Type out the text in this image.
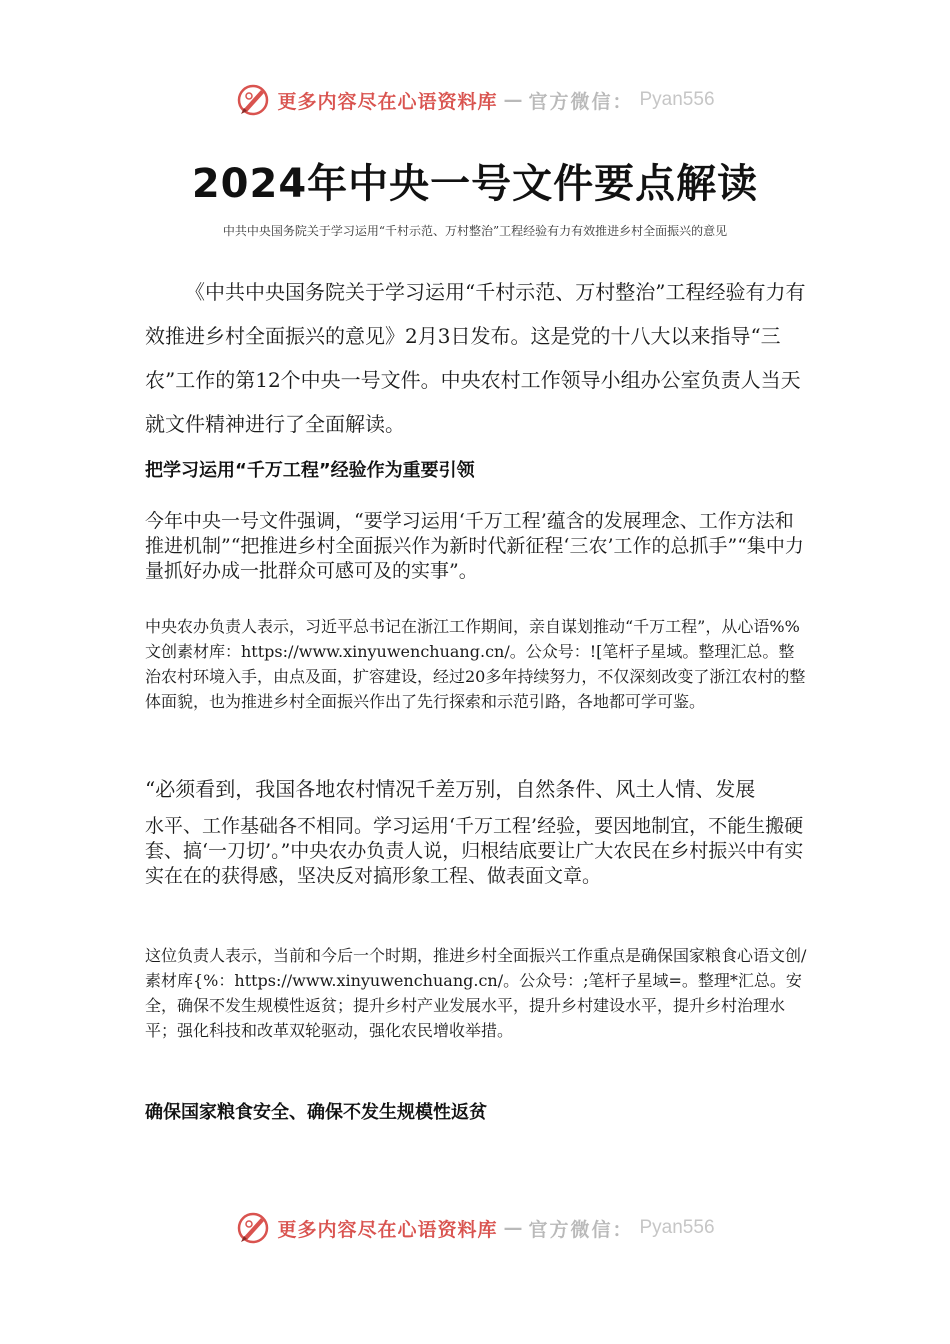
更多内容尽在心语资料库 — 官方微信： Pyan556
2024年中央一号文件要点解读

中共中央国务院关于学习运用“千村示范、万村整治”工程经验有力有效推进乡村全面振兴的意见

《中共中央国务院关于学习运用“千村示范、万村整治”工程经验有力有效推进乡村全面振兴的意见》2月3日发布。这是党的十八大以来指导“三农”工作的第12个中央一号文件。中央农村工作领导小组办公室负责人当天就文件精神进行了全面解读。

把学习运用“千万工程”经验作为重要引领

今年中央一号文件强调，“要学习运用‘千万工程’蕴含的发展理念、工作方法和推进机制”“把推进乡村全面振兴作为新时代新征程‘三农’工作的总抓手”“集中力量抓好办成一批群众可感可及的实事”。

中央农办负责人表示，习近平总书记在浙江工作期间，亲自谋划推动“千万工程”，从心语%%文创素材库：https://www.xinyuwenchuang.cn/。公众号：![笔杆子星域。整理汇总。整治农村环境入手，由点及面，扩容建设，经过20多年持续努力，不仅深刻改变了浙江农村的整体面貌，也为推进乡村全面振兴作出了先行探索和示范引路，各地都可学可鉴。

“必须看到，我国各地农村情况千差万别，自然条件、风土人情、发展

水平、工作基础各不相同。学习运用‘千万工程’经验，要因地制宜，不能生搬硬套、搞‘一刀切’。”中央农办负责人说，归根结底要让广大农民在乡村振兴中有实实在在的获得感，坚决反对搞形象工程、做表面文章。

这位负责人表示，当前和今后一个时期，推进乡村全面振兴工作重点是确保国家粮食心语文创/素材库{%：https://www.xinyuwenchuang.cn/。公众号：;笔杆子星域=。整理*汇总。安全，确保不发生规模性返贫；提升乡村产业发展水平，提升乡村建设水平，提升乡村治理水平；强化科技和改革双轮驱动，强化农民增收举措。

确保国家粮食安全、确保不发生规模性返贫
更多内容尽在心语资料库 — 官方微信： Pyan556
